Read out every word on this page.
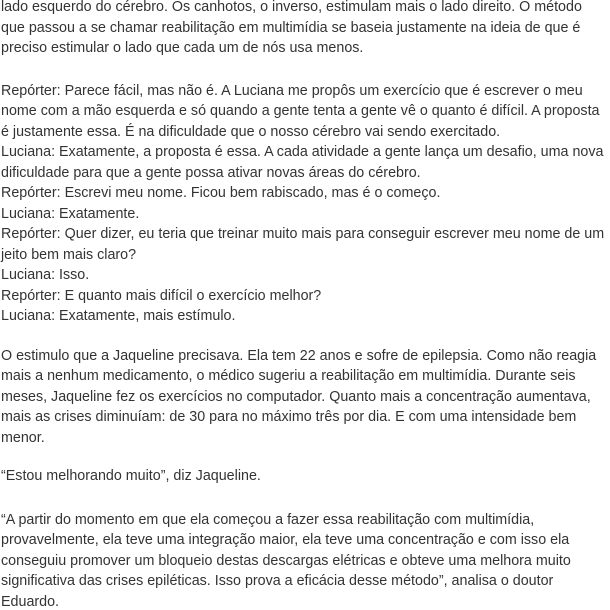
lado esquerdo do cérebro. Os canhotos, o inverso, estimulam mais o lado direito. O método que passou a se chamar reabilitação em multimídia se baseia justamente na ideia de que é preciso estimular o lado que cada um de nós usa menos.

Repórter: Parece fácil, mas não é. A Luciana me propôs um exercício que é escrever o meu nome com a mão esquerda e só quando a gente tenta a gente vê o quanto é difícil. A proposta é justamente essa. É na dificuldade que o nosso cérebro vai sendo exercitado.

Luciana: Exatamente, a proposta é essa. A cada atividade a gente lança um desafio, uma nova dificuldade para que a gente possa ativar novas áreas do cérebro.

Repórter: Escrevi meu nome. Ficou bem rabiscado, mas é o começo.

Luciana: Exatamente.

Repórter: Quer dizer, eu teria que treinar muito mais para conseguir escrever meu nome de um jeito bem mais claro?

Luciana: Isso.

Repórter: E quanto mais difícil o exercício melhor?

Luciana: Exatamente, mais estímulo.

O estimulo que a Jaqueline precisava. Ela tem 22 anos e sofre de epilepsia. Como não reagia mais a nenhum medicamento, o médico sugeriu a reabilitação em multimídia. Durante seis meses, Jaqueline fez os exercícios no computador. Quanto mais a concentração aumentava, mais as crises diminuíam: de 30 para no máximo três por dia. E com uma intensidade bem menor.

“Estou melhorando muito”, diz Jaqueline.

“A partir do momento em que ela começou a fazer essa reabilitação com multimídia, provavelmente, ela teve uma integração maior, ela teve uma concentração e com isso ela conseguiu promover um bloqueio destas descargas elétricas e obteve uma melhora muito significativa das crises epiléticas. Isso prova a eficácia desse método”, analisa o doutor Eduardo.
